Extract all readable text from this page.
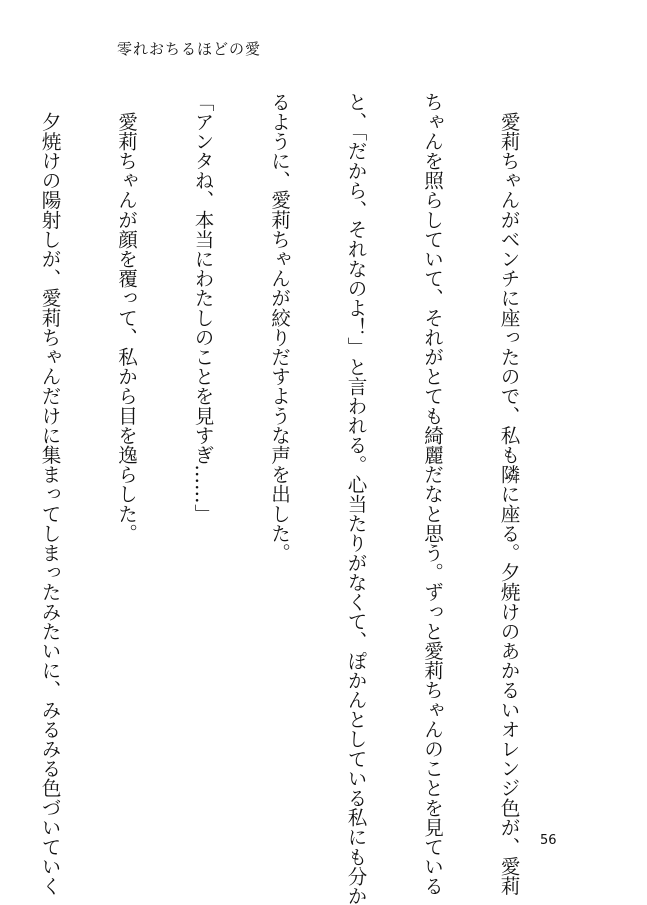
零れおちるほどの愛

　愛莉ちゃんがベンチに座ったので、私も隣に座る。夕焼けのあかるいオレンジ色が、愛莉

ちゃんを照らしていて、それがとても綺麗だなと思う。ずっと愛莉ちゃんのことを見ている

と、「だから、それなのよ！」と言われる。心当たりがなくて、ぽかんとしている私にも分か

るように、愛莉ちゃんが絞りだすような声を出した。

「アンタね、本当にわたしのことを見すぎ……」

　愛莉ちゃんが顔を覆って、私から目を逸らした。

　夕焼けの陽射しが、愛莉ちゃんだけに集まってしまったみたいに、みるみる色づいていく

	56
